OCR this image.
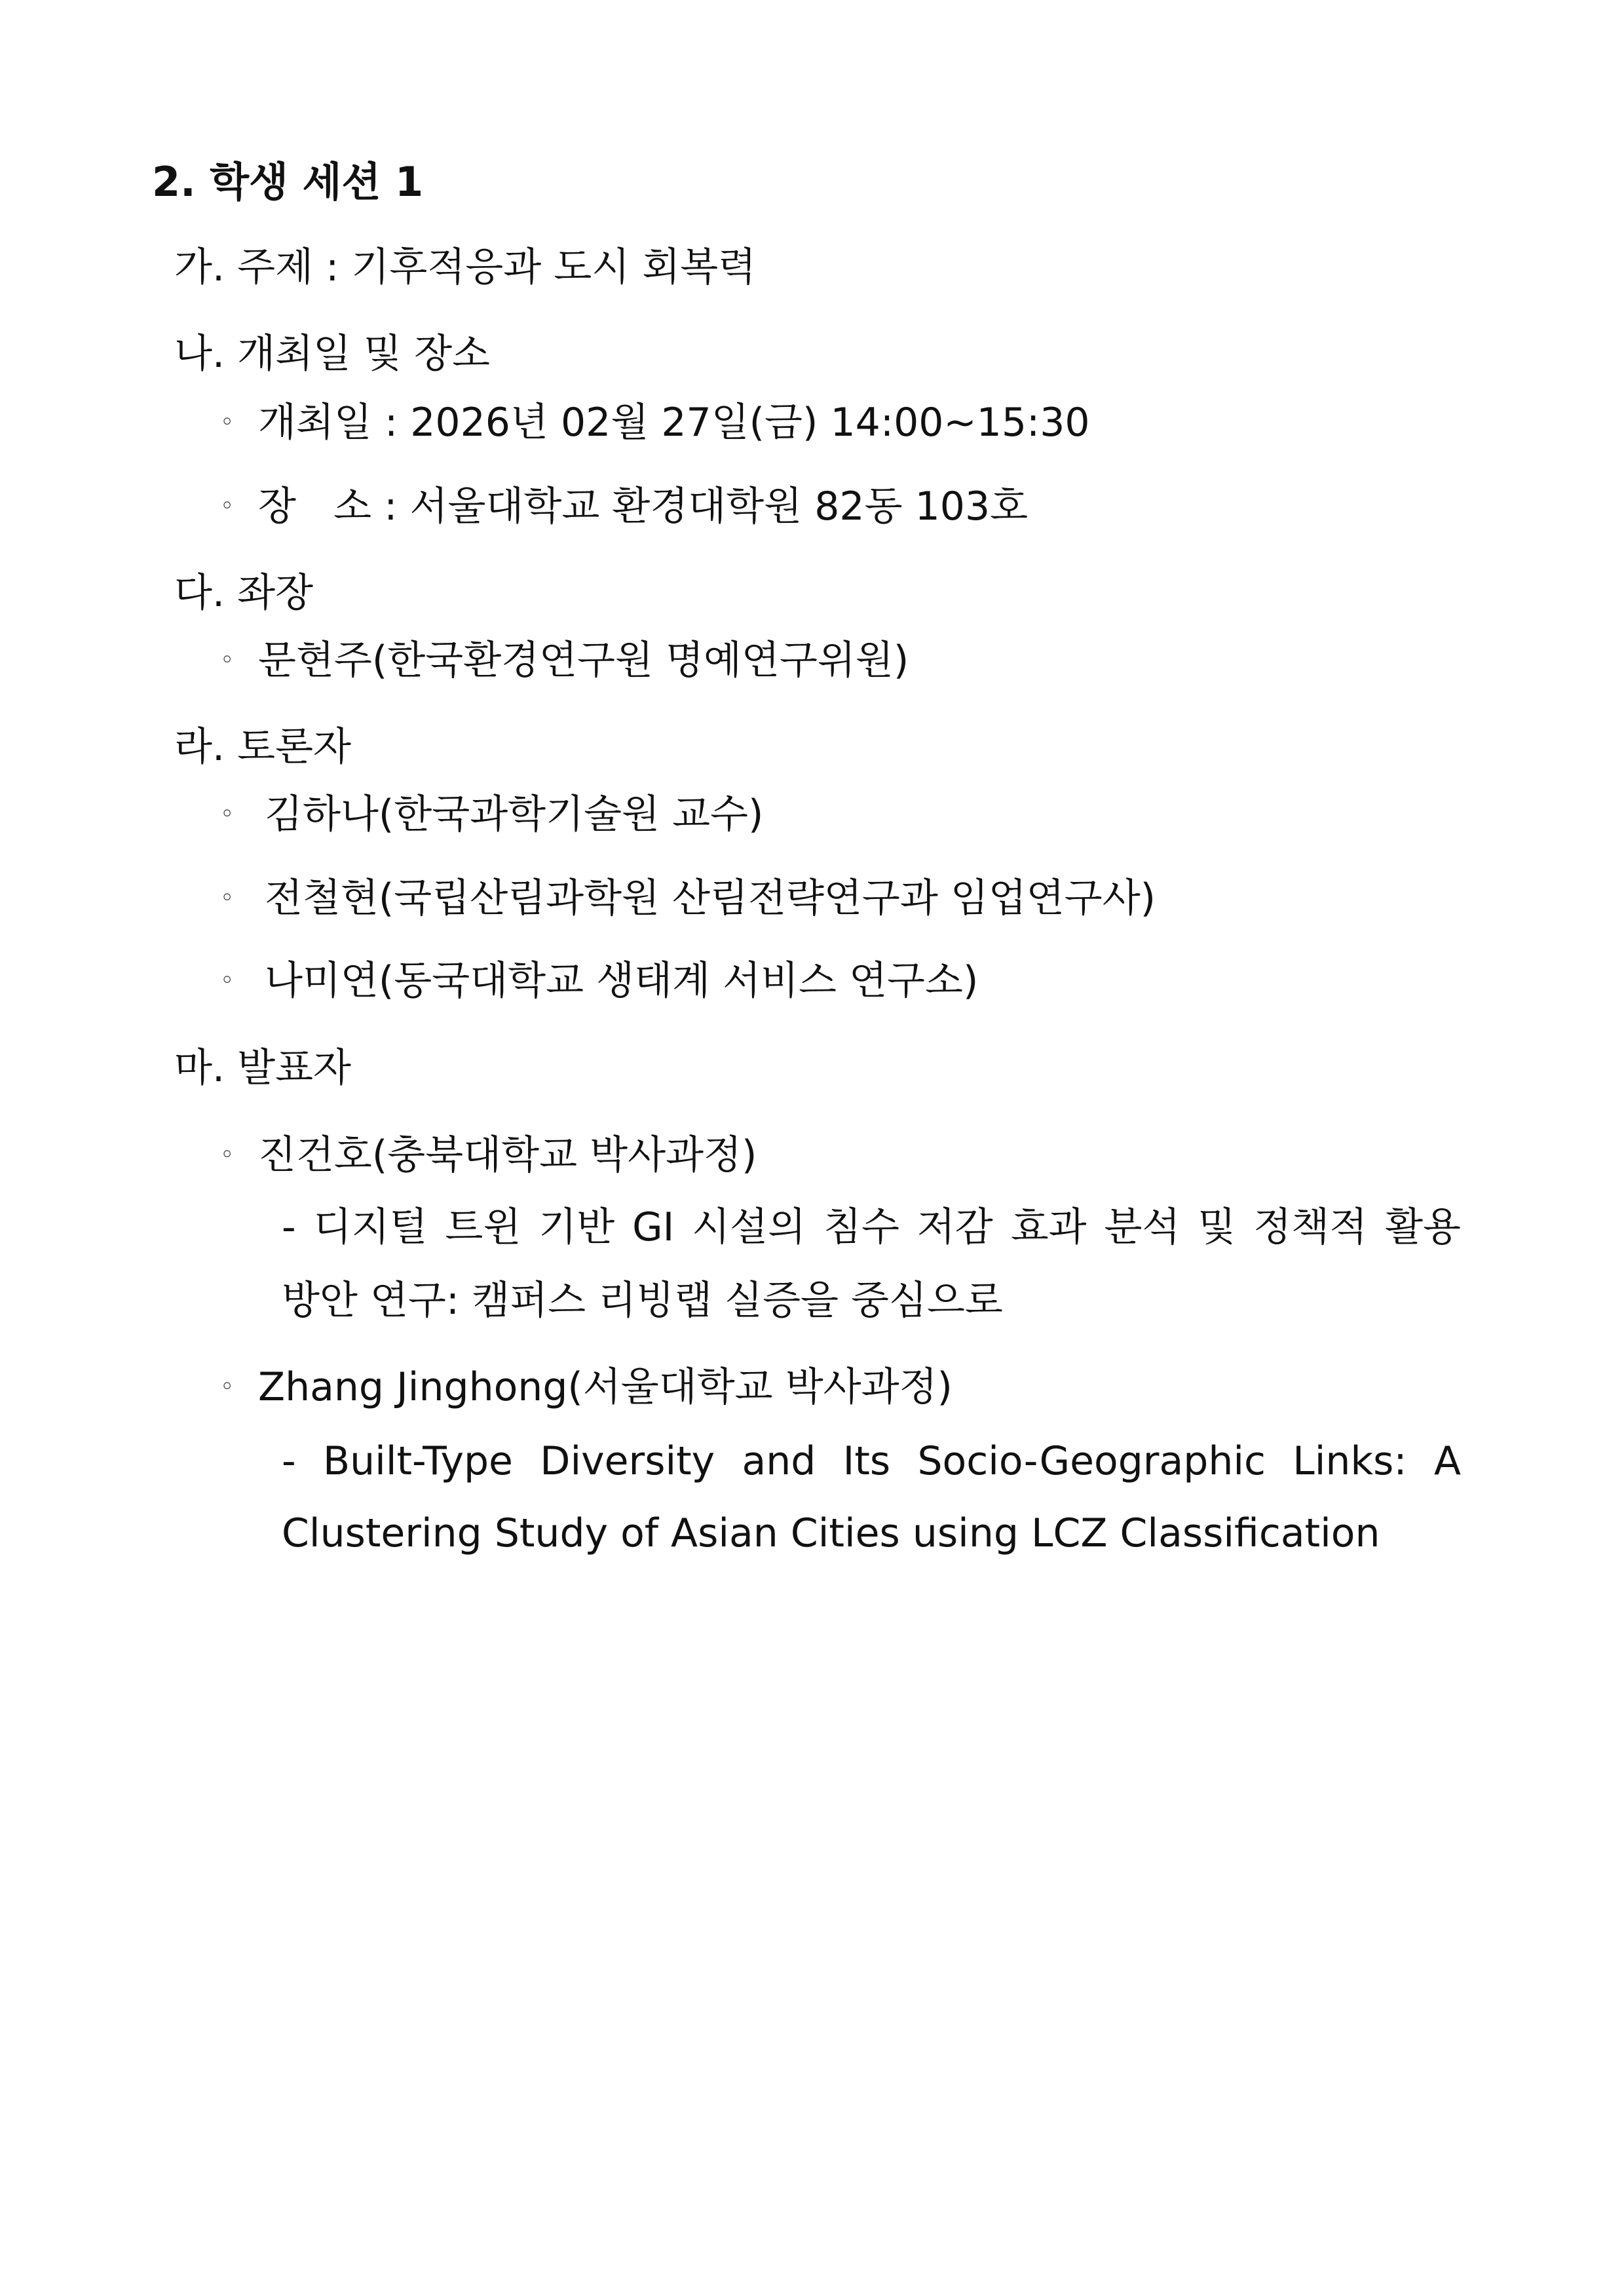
2. 학생 세션 1
가. 주제 : 기후적응과 도시 회복력
나. 개최일 및 장소
◦ 개최일 : 2026년 02월 27일(금) 14:00~15:30
◦ 장   소 : 서울대학교 환경대학원 82동 103호
다. 좌장
◦ 문현주(한국환경연구원 명예연구위원)
라. 토론자
◦ 김하나(한국과학기술원 교수)
◦ 전철현(국립산림과학원 산림전략연구과 임업연구사)
◦ 나미연(동국대학교 생태계 서비스 연구소)
마. 발표자
◦ 진건호(충북대학교 박사과정)
- 디지털 트윈 기반 GI 시설의 침수 저감 효과 분석 및 정책적 활용
방안 연구: 캠퍼스 리빙랩 실증을 중심으로
◦ Zhang Jinghong(서울대학교 박사과정)
- Built-Type Diversity and Its Socio-Geographic Links: A
Clustering Study of Asian Cities using LCZ Classification
